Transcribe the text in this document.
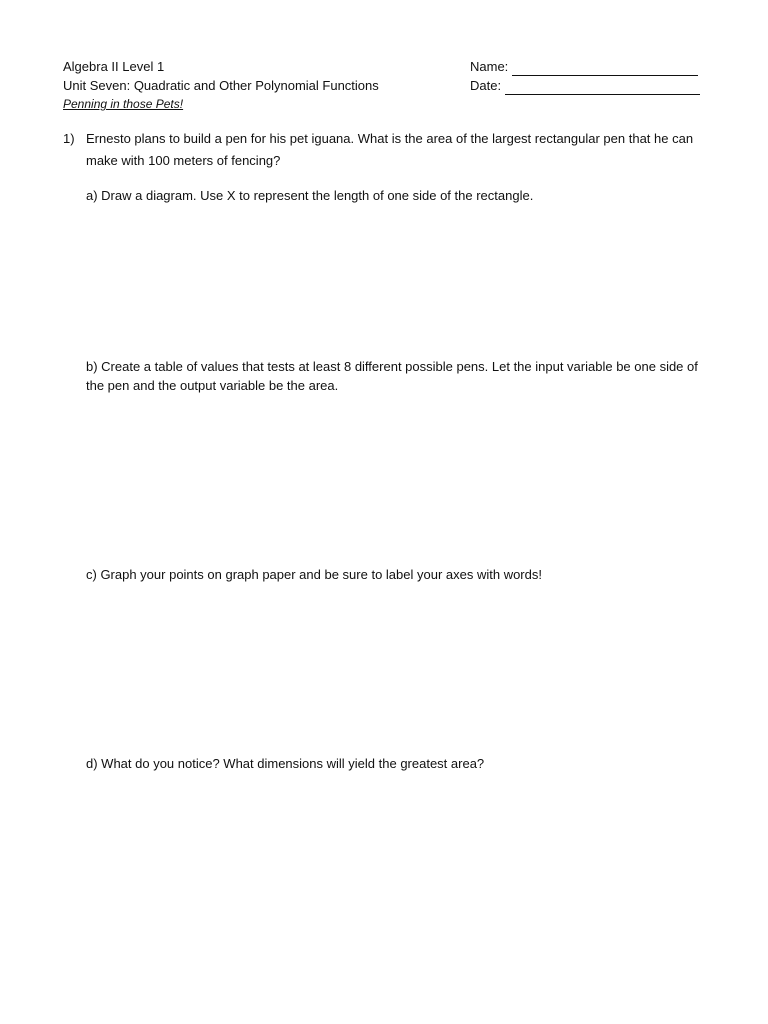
Algebra II Level 1
Unit Seven: Quadratic and Other Polynomial Functions
Penning in those Pets!
Name:
Date:
1) Ernesto plans to build a pen for his pet iguana. What is the area of the largest rectangular pen that he can make with 100 meters of fencing?
a) Draw a diagram. Use X to represent the length of one side of the rectangle.
b) Create a table of values that tests at least 8 different possible pens. Let the input variable be one side of the pen and the output variable be the area.
c) Graph your points on graph paper and be sure to label your axes with words!
d) What do you notice? What dimensions will yield the greatest area?
